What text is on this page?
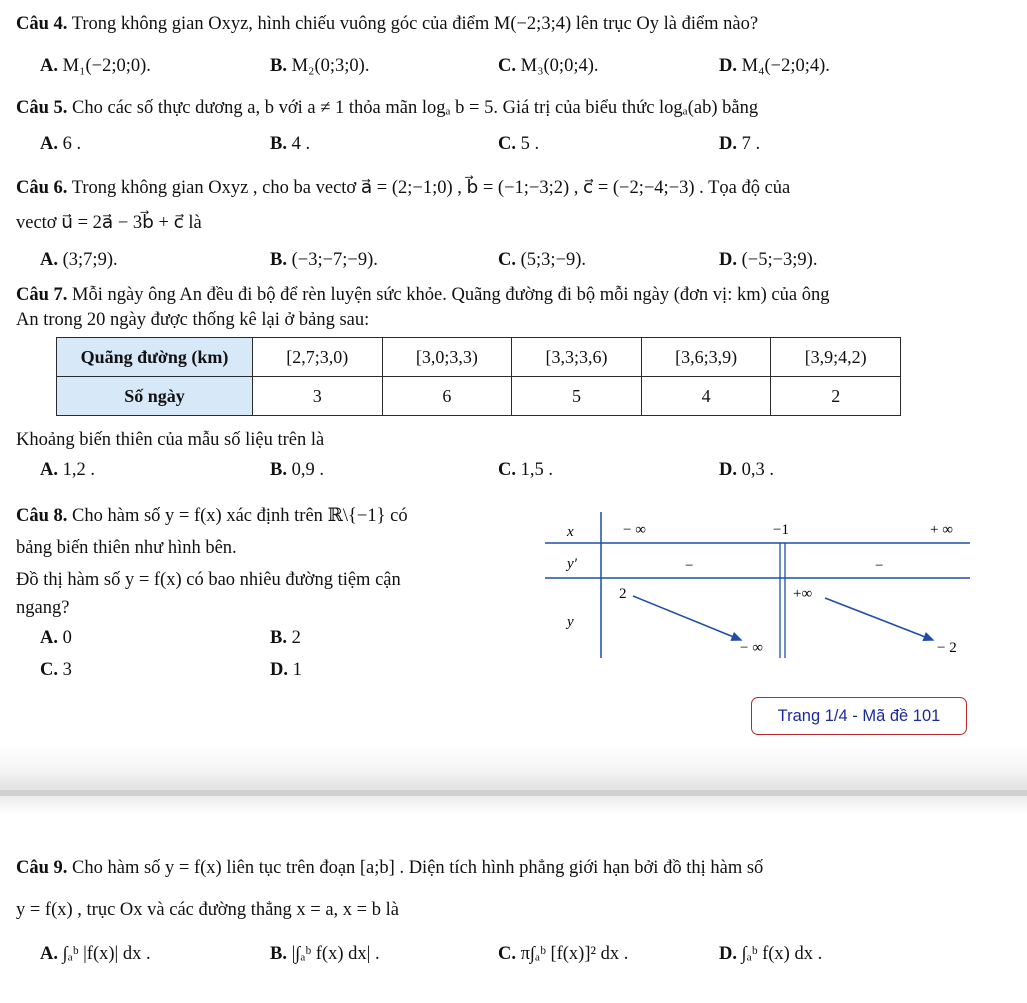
Câu 4. Trong không gian Oxyz, hình chiếu vuông góc của điểm M(−2;3;4) lên trục Oy là điểm nào?
A. M₁(−2;0;0).	B. M₂(0;3;0).	C. M₃(0;0;4).	D. M₄(−2;0;4).
Câu 5. Cho các số thực dương a, b với a ≠ 1 thỏa mãn logₐ b = 5. Giá trị của biểu thức logₐ(ab) bằng
A. 6 .	B. 4 .	C. 5 .	D. 7 .
Câu 6. Trong không gian Oxyz , cho ba vectơ a⃗ = (2;−1;0) , b⃗ = (−1;−3;2) , c⃗ = (−2;−4;−3) . Tọa độ của
vectơ u⃗ = 2a⃗ − 3b⃗ + c⃗ là
A. (3;7;9).	B. (−3;−7;−9).	C. (5;3;−9).	D. (−5;−3;9).
Câu 7. Mỗi ngày ông An đều đi bộ để rèn luyện sức khỏe. Quãng đường đi bộ mỗi ngày (đơn vị: km) của ông
An trong 20 ngày được thống kê lại ở bảng sau:
Quãng đường (km)	[2,7;3,0)	[3,0;3,3)	[3,3;3,6)	[3,6;3,9)	[3,9;4,2)
Số ngày	3	6	5	4	2
Khoảng biến thiên của mẫu số liệu trên là
A. 1,2 .	B. 0,9 .	C. 1,5 .	D. 0,3 .
Câu 8. Cho hàm số y = f(x) xác định trên ℝ\{−1} có
bảng biến thiên như hình bên.
Đồ thị hàm số y = f(x) có bao nhiêu đường tiệm cận
ngang?
A. 0	B. 2
C. 3	D. 1
x
y′
y
− ∞	−1	+ ∞
−	−
2
− ∞
+∞
− 2
Trang 1/4 - Mã đề 101
Câu 9. Cho hàm số y = f(x) liên tục trên đoạn [a;b] . Diện tích hình phẳng giới hạn bởi đồ thị hàm số
y = f(x) , trục Ox và các đường thẳng x = a, x = b là
A. ∫ₐᵇ |f(x)| dx .	B. |∫ₐᵇ f(x) dx| .	C. π∫ₐᵇ [f(x)]² dx .	D. ∫ₐᵇ f(x) dx .
